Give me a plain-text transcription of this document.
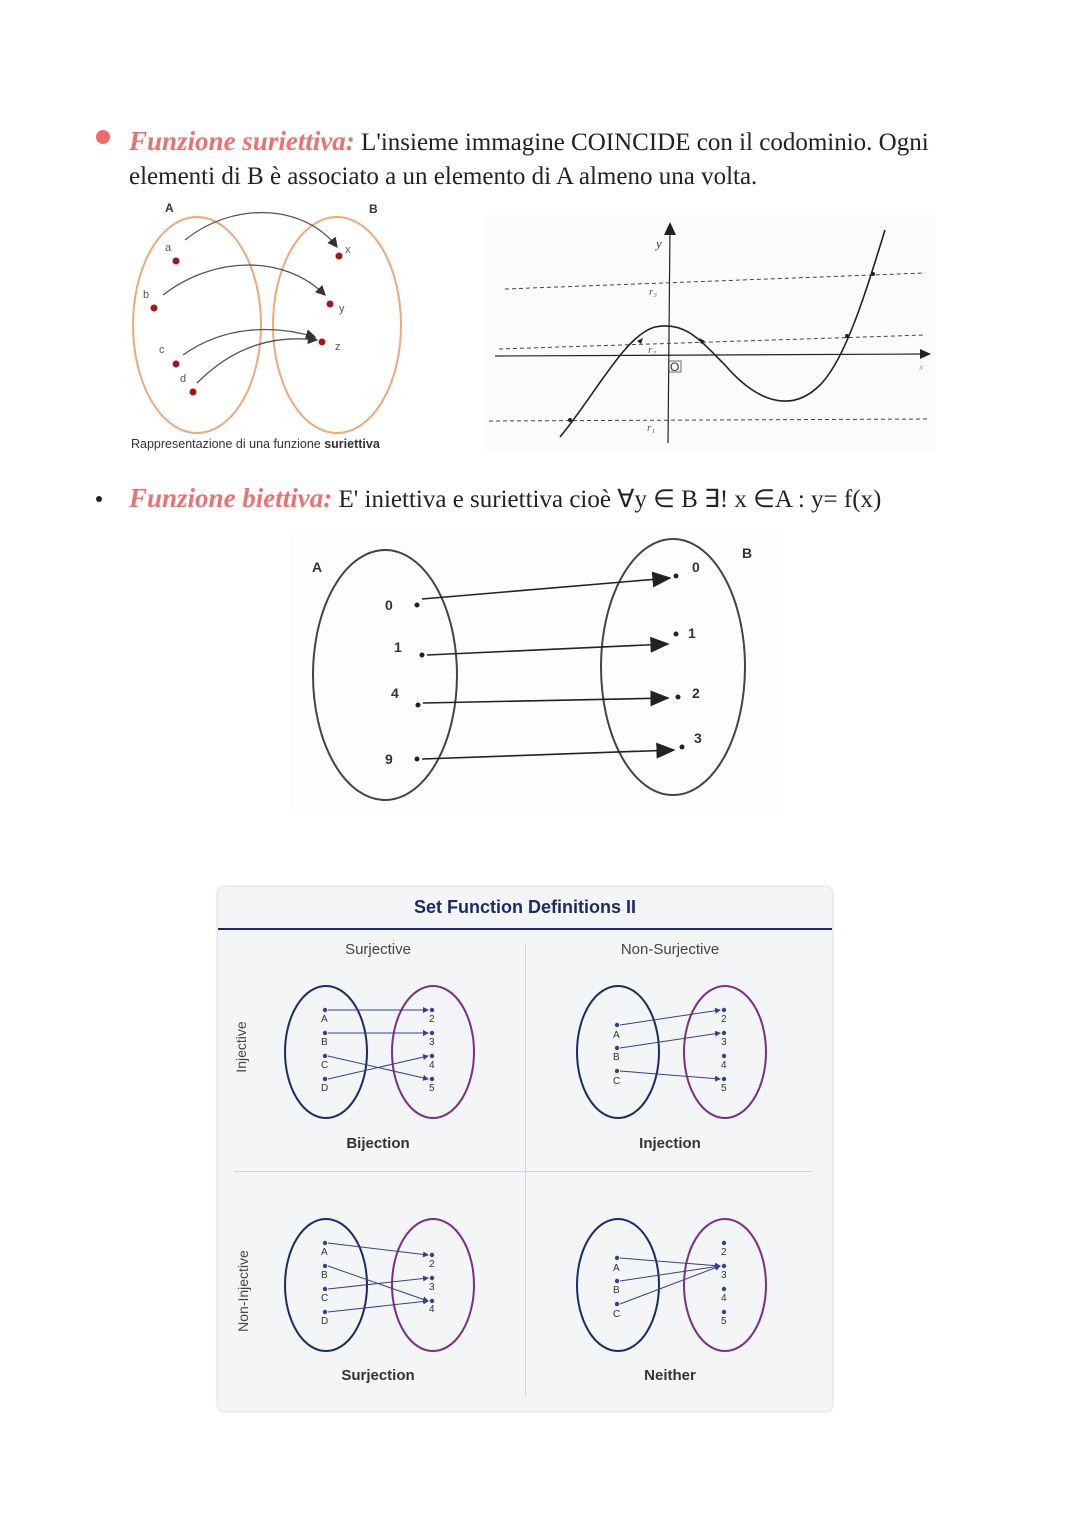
Funzione suriettiva: L'insieme immagine COINCIDE con il codominio. Ogni
elementi di B è associato a un elemento di A almeno una volta.
A	B
a
b
c
d
x
y
z
Rappresentazione di una funzione suriettiva
y
x
O
r₃
r₂
r₁
Funzione biettiva: E' iniettiva e suriettiva cioè ∀y ∈ B ∃! x ∈A : y= f(x)
A
B
0
1
4
9
0
1
2
3
Set Function Definitions II
Surjective	Non-Surjective
Injective
Non-Injective
A
B
C
D
2
3
4
5
Bijection
A
B
C
2
3
4
5
Injection
A
B
C
D
2
3
4
Surjection
A
B
C
2
3
4
5
Neither
